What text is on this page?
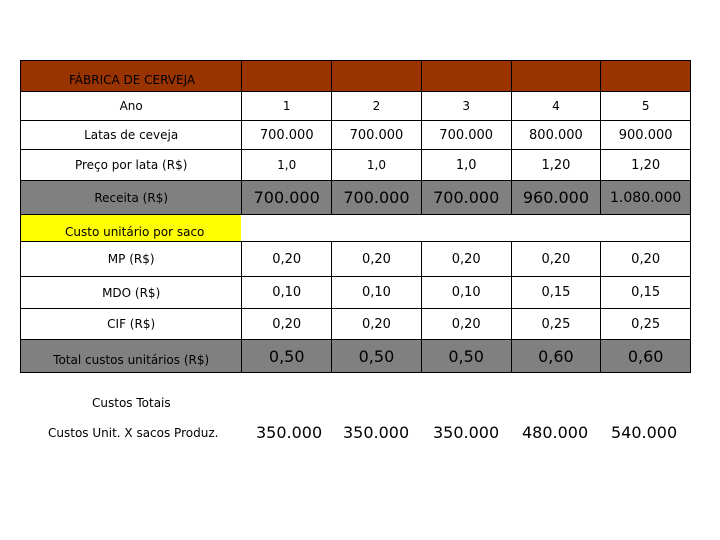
FÁBRICA DE CERVEJA
Ano	1	2	3	4	5
Latas de ceveja	700.000	700.000	700.000	800.000	900.000
Preço por lata (R$)	1,0	1,0	1,0	1,20	1,20
Receita (R$)	700.000	700.000	700.000	960.000	1.080.000
Custo unitário por saco
MP (R$)	0,20	0,20	0,20	0,20	0,20
MDO (R$)	0,10	0,10	0,10	0,15	0,15
CIF (R$)	0,20	0,20	0,20	0,25	0,25
Total custos unitários (R$)	0,50	0,50	0,50	0,60	0,60
Custos Totais
Custos Unit. X sacos Produz. 350.000 350.000 350.000 480.000 540.000
